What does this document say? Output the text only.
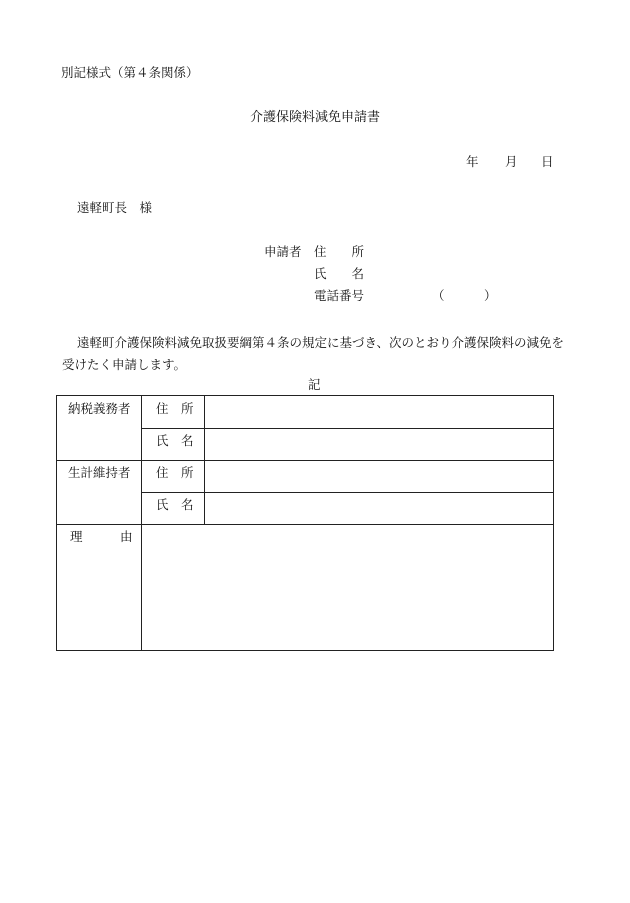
別記様式（第４条関係）
介護保険料減免申請書
年 月 日
遠軽町長　様
申請者 住　　所
氏　　名
電話番号	（	）
遠軽町介護保険料減免取扱要綱第４条の規定に基づき、次のとおり介護保険料の減免を
受けたく申請します。
記
納税義務者 住　所
氏　名
生計維持者 住　所
氏　名
理　　　由
